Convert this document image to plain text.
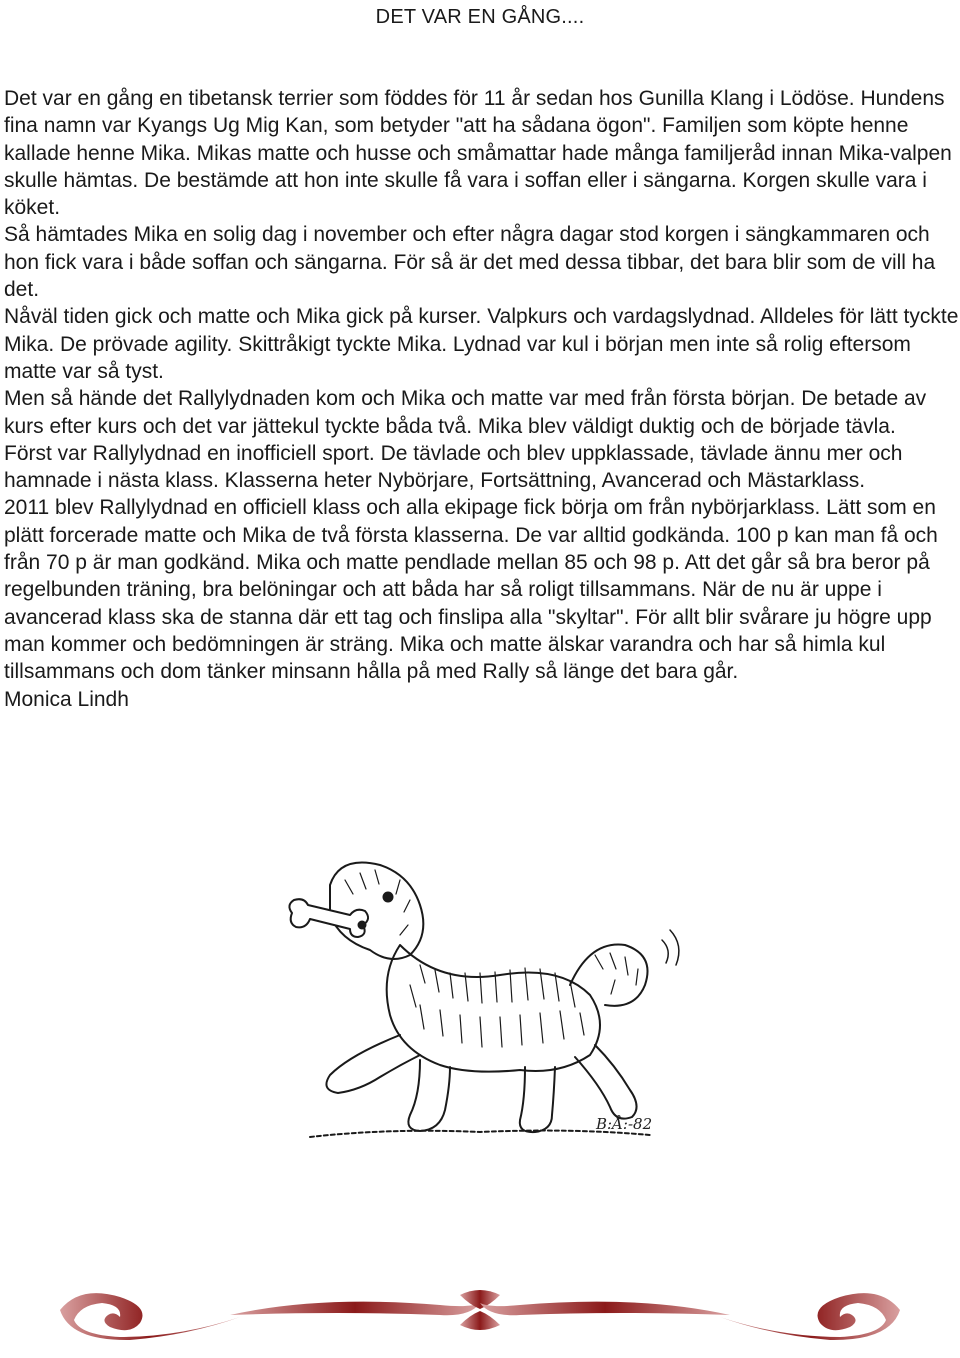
DET VAR EN GÅNG....

Det var en gång en tibetansk terrier som föddes för 11 år sedan hos Gunilla Klang i Lödöse. Hundens fina namn var Kyangs Ug Mig Kan, som betyder "att ha sådana ögon". Familjen som köpte henne kallade henne Mika. Mikas matte och husse och småmattar hade många familjeråd innan Mika-valpen skulle hämtas. De bestämde att hon inte skulle få vara i soffan eller i sängarna. Korgen skulle vara i köket.

Så hämtades Mika en solig dag i november och efter några dagar stod korgen i sängkammaren och hon fick vara i både soffan och sängarna. För så är det med dessa tibbar, det bara blir som de vill ha det.

Nåväl tiden gick och matte och Mika gick på kurser. Valpkurs och vardagslydnad. Alldeles för lätt tyckte Mika. De prövade agility. Skittråkigt tyckte Mika. Lydnad var kul i början men inte så rolig eftersom matte var så tyst.

Men så hände det Rallylydnaden kom och Mika och matte var med från första början. De betade av kurs efter kurs och det var jättekul tyckte båda två. Mika blev väldigt duktig och de började tävla.

Först var Rallylydnad en inofficiell sport. De tävlade och blev uppklassade, tävlade ännu mer och hamnade i nästa klass. Klasserna heter Nybörjare, Fortsättning, Avancerad och Mästarklass.

2011 blev Rallylydnad en officiell klass och alla ekipage fick börja om från nybörjarklass. Lätt som en plätt forcerade matte och Mika de två första klasserna. De var alltid godkända. 100 p kan man få och från 70 p är man godkänd. Mika och matte pendlade mellan 85 och 98 p. Att det går så bra beror på regelbunden träning, bra belöningar och att båda har så roligt tillsammans. När de nu är uppe i avancerad klass ska de stanna där ett tag och finslipa alla "skyltar". För allt blir svårare ju högre upp man kommer och bedömningen är sträng. Mika och matte älskar varandra och har så himla kul tillsammans och dom tänker minsann hålla på med Rally så länge det bara går.

Monica Lindh

B:Å:-82
